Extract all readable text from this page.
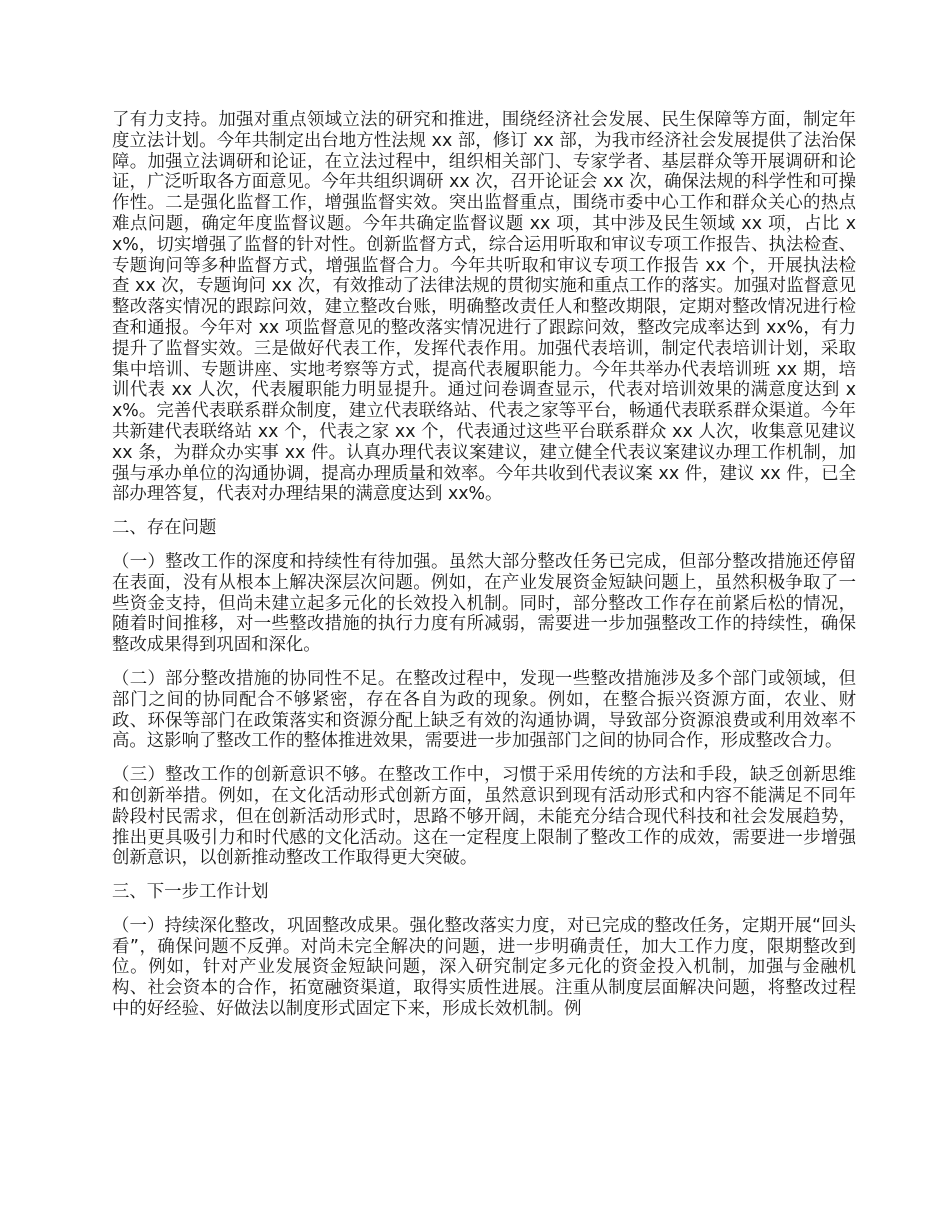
了有力支持。加强对重点领域立法的研究和推进，围绕经济社会发展、民生保障等方面，制定年度立法计划。今年共制定出台地方性法规 xx 部，修订 xx 部，为我市经济社会发展提供了法治保障。加强立法调研和论证，在立法过程中，组织相关部门、专家学者、基层群众等开展调研和论证，广泛听取各方面意见。今年共组织调研 xx 次，召开论证会 xx 次，确保法规的科学性和可操作性。二是强化监督工作，增强监督实效。突出监督重点，围绕市委中心工作和群众关心的热点难点问题，确定年度监督议题。今年共确定监督议题 xx 项，其中涉及民生领域 xx 项，占比 xx%，切实增强了监督的针对性。创新监督方式，综合运用听取和审议专项工作报告、执法检查、专题询问等多种监督方式，增强监督合力。今年共听取和审议专项工作报告 xx 个，开展执法检查 xx 次，专题询问 xx 次，有效推动了法律法规的贯彻实施和重点工作的落实。加强对监督意见整改落实情况的跟踪问效，建立整改台账，明确整改责任人和整改期限，定期对整改情况进行检查和通报。今年对 xx 项监督意见的整改落实情况进行了跟踪问效，整改完成率达到 xx%，有力提升了监督实效。三是做好代表工作，发挥代表作用。加强代表培训，制定代表培训计划，采取集中培训、专题讲座、实地考察等方式，提高代表履职能力。今年共举办代表培训班 xx 期，培训代表 xx 人次，代表履职能力明显提升。通过问卷调查显示，代表对培训效果的满意度达到 xx%。完善代表联系群众制度，建立代表联络站、代表之家等平台，畅通代表联系群众渠道。今年共新建代表联络站 xx 个，代表之家 xx 个，代表通过这些平台联系群众 xx 人次，收集意见建议 xx 条，为群众办实事 xx 件。认真办理代表议案建议，建立健全代表议案建议办理工作机制，加强与承办单位的沟通协调，提高办理质量和效率。今年共收到代表议案 xx 件，建议 xx 件，已全部办理答复，代表对办理结果的满意度达到 xx%。

二、存在问题

（一）整改工作的深度和持续性有待加强。虽然大部分整改任务已完成，但部分整改措施还停留在表面，没有从根本上解决深层次问题。例如，在产业发展资金短缺问题上，虽然积极争取了一些资金支持，但尚未建立起多元化的长效投入机制。同时，部分整改工作存在前紧后松的情况，随着时间推移，对一些整改措施的执行力度有所减弱，需要进一步加强整改工作的持续性，确保整改成果得到巩固和深化。

（二）部分整改措施的协同性不足。在整改过程中，发现一些整改措施涉及多个部门或领域，但部门之间的协同配合不够紧密，存在各自为政的现象。例如，在整合振兴资源方面，农业、财政、环保等部门在政策落实和资源分配上缺乏有效的沟通协调，导致部分资源浪费或利用效率不高。这影响了整改工作的整体推进效果，需要进一步加强部门之间的协同合作，形成整改合力。

（三）整改工作的创新意识不够。在整改工作中，习惯于采用传统的方法和手段，缺乏创新思维和创新举措。例如，在文化活动形式创新方面，虽然意识到现有活动形式和内容不能满足不同年龄段村民需求，但在创新活动形式时，思路不够开阔，未能充分结合现代科技和社会发展趋势，推出更具吸引力和时代感的文化活动。这在一定程度上限制了整改工作的成效，需要进一步增强创新意识，以创新推动整改工作取得更大突破。

三、下一步工作计划

（一）持续深化整改，巩固整改成果。强化整改落实力度，对已完成的整改任务，定期开展“回头看”，确保问题不反弹。对尚未完全解决的问题，进一步明确责任，加大工作力度，限期整改到位。例如，针对产业发展资金短缺问题，深入研究制定多元化的资金投入机制，加强与金融机构、社会资本的合作，拓宽融资渠道，取得实质性进展。注重从制度层面解决问题，将整改过程中的好经验、好做法以制度形式固定下来，形成长效机制。例
